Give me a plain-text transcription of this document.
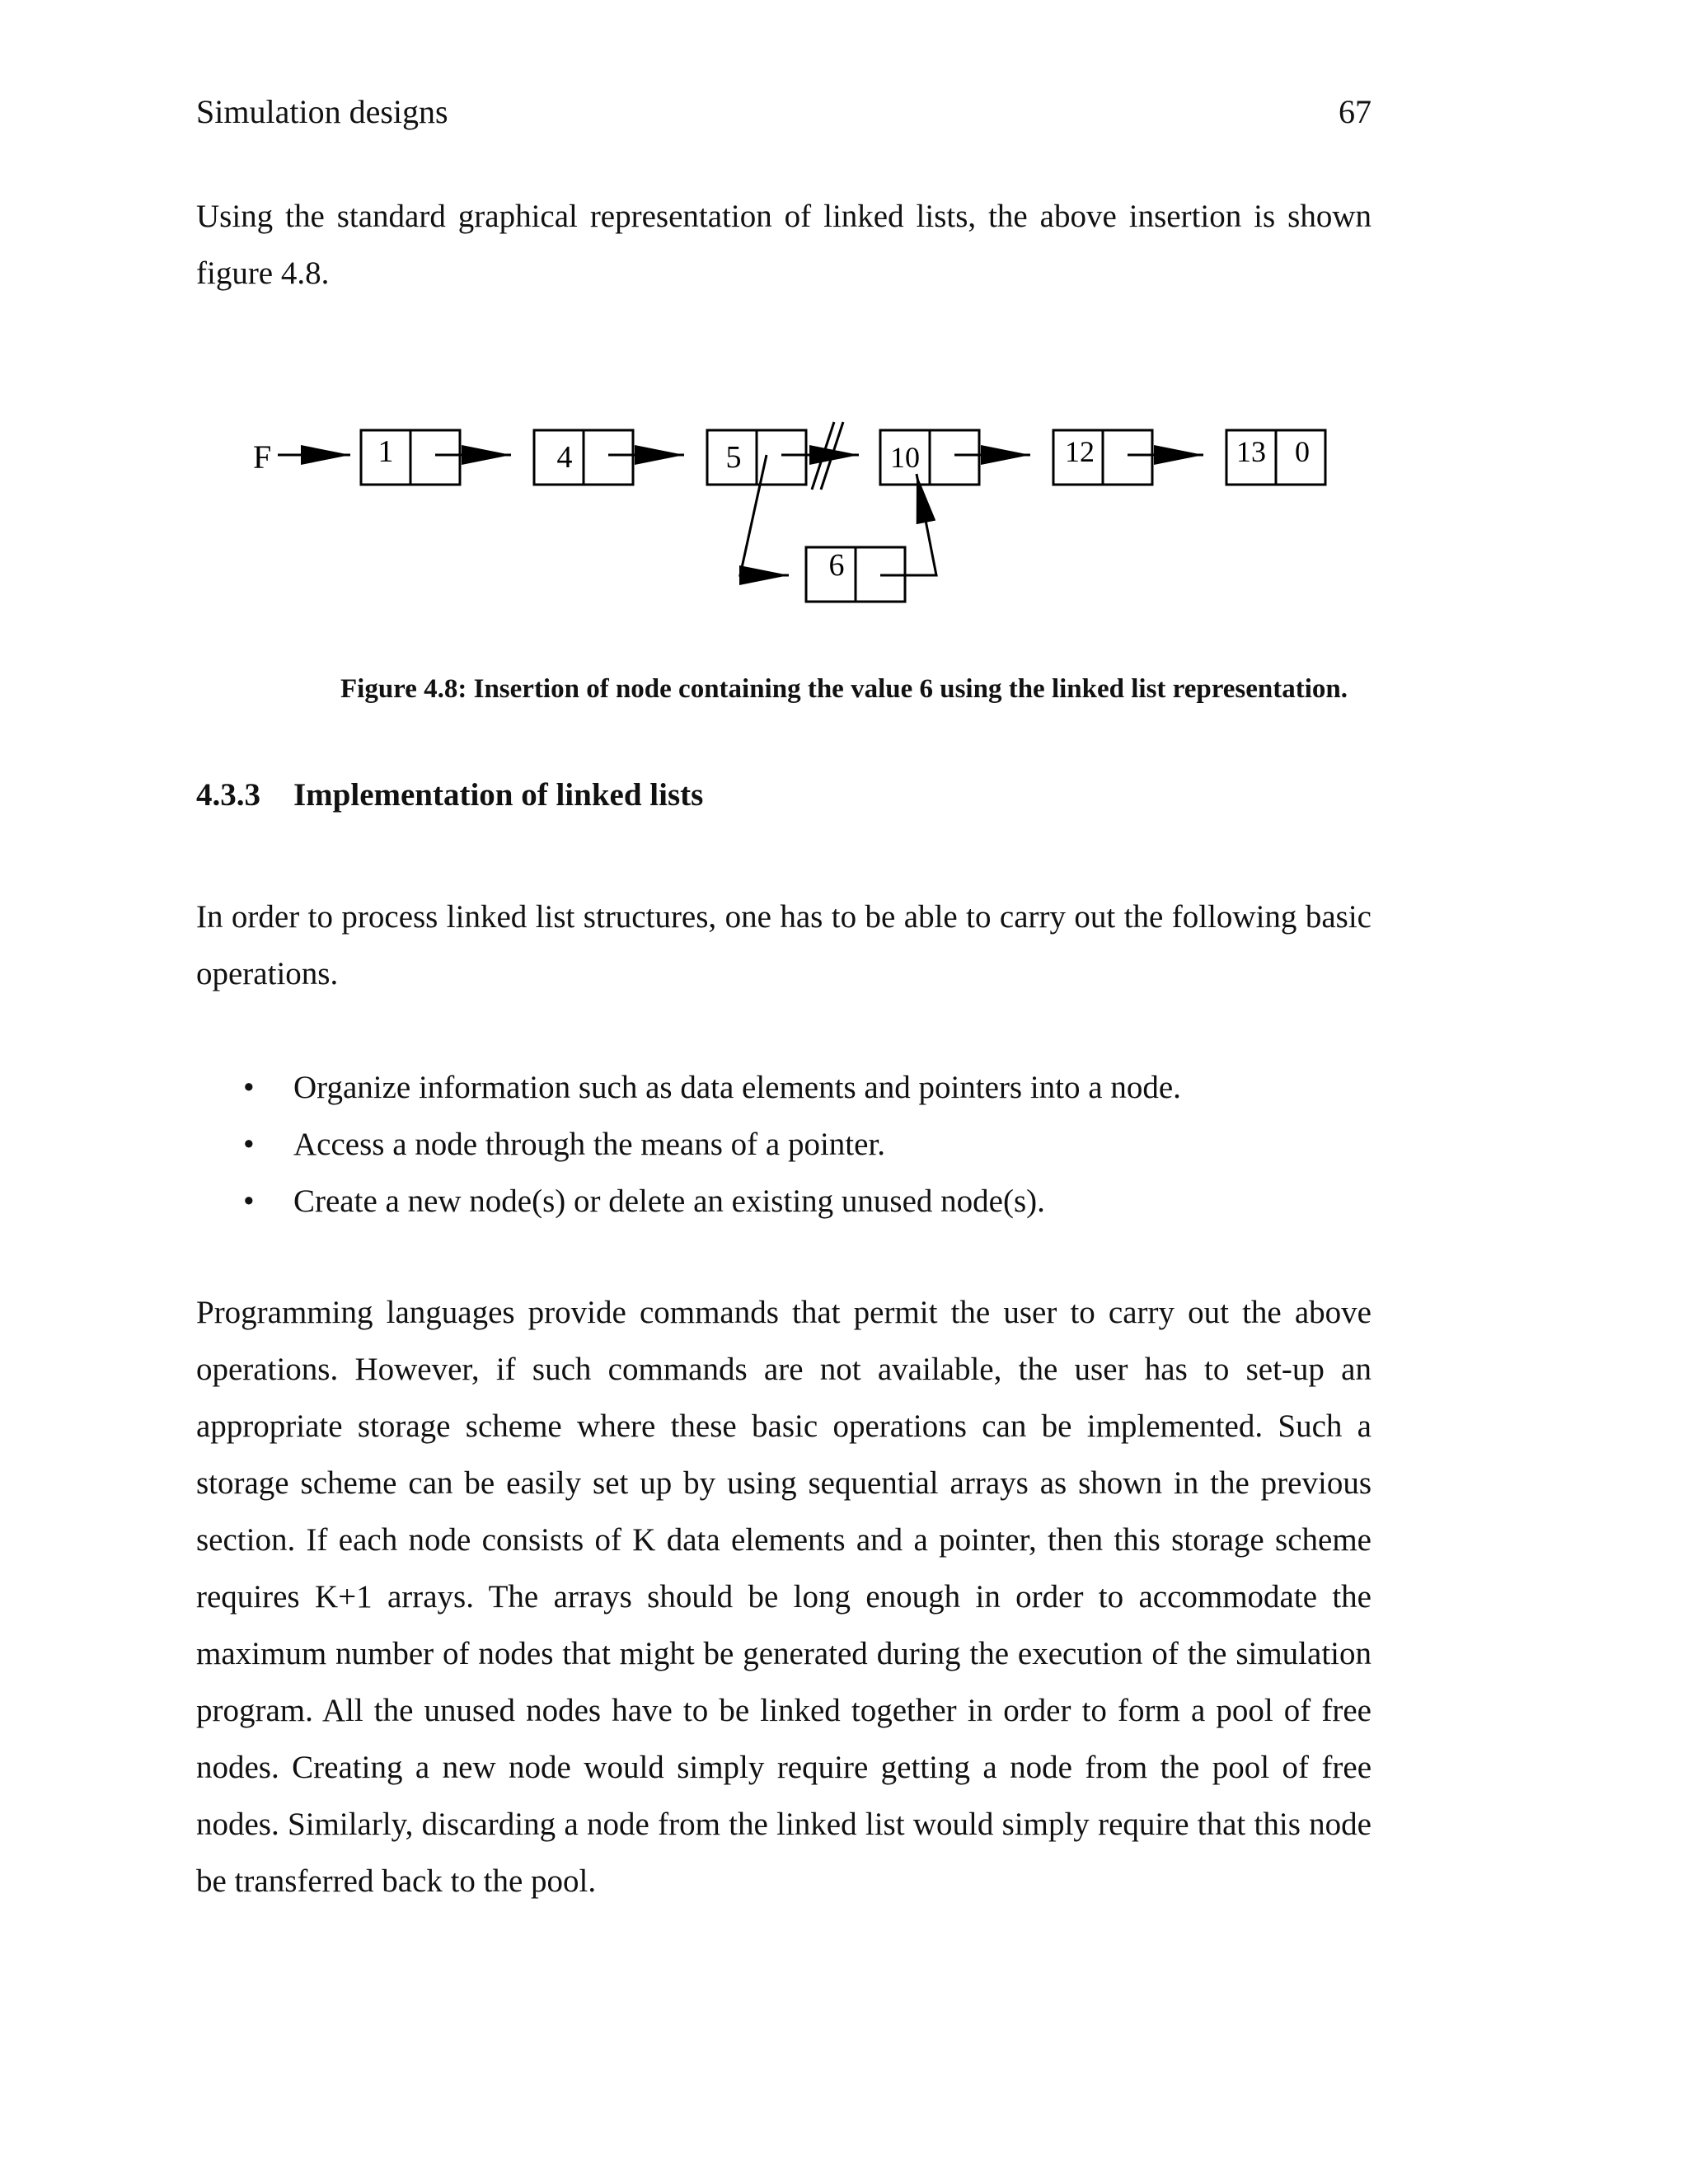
Simulation designs	67
Using the standard graphical representation of linked lists, the above insertion is shown figure 4.8.
F	1	4	5	10	12	13 0
6
Figure 4.8: Insertion of node containing the value 6 using the linked list representation.
4.3.3 Implementation of linked lists
In order to process linked list structures, one has to be able to carry out the following basic operations.
• Organize information such as data elements and pointers into a node.
• Access a node through the means of a pointer.
• Create a new node(s) or delete an existing unused node(s).
Programming languages provide commands that permit the user to carry out the above operations. However, if such commands are not available, the user has to set-up an appropriate storage scheme where these basic operations can be implemented. Such a storage scheme can be easily set up by using sequential arrays as shown in the previous section. If each node consists of K data elements and a pointer, then this storage scheme requires K+1 arrays. The arrays should be long enough in order to accommodate the maximum number of nodes that might be generated during the execution of the simulation program. All the unused nodes have to be linked together in order to form a pool of free nodes. Creating a new node would simply require getting a node from the pool of free nodes. Similarly, discarding a node from the linked list would simply require that this node be transferred back to the pool.
